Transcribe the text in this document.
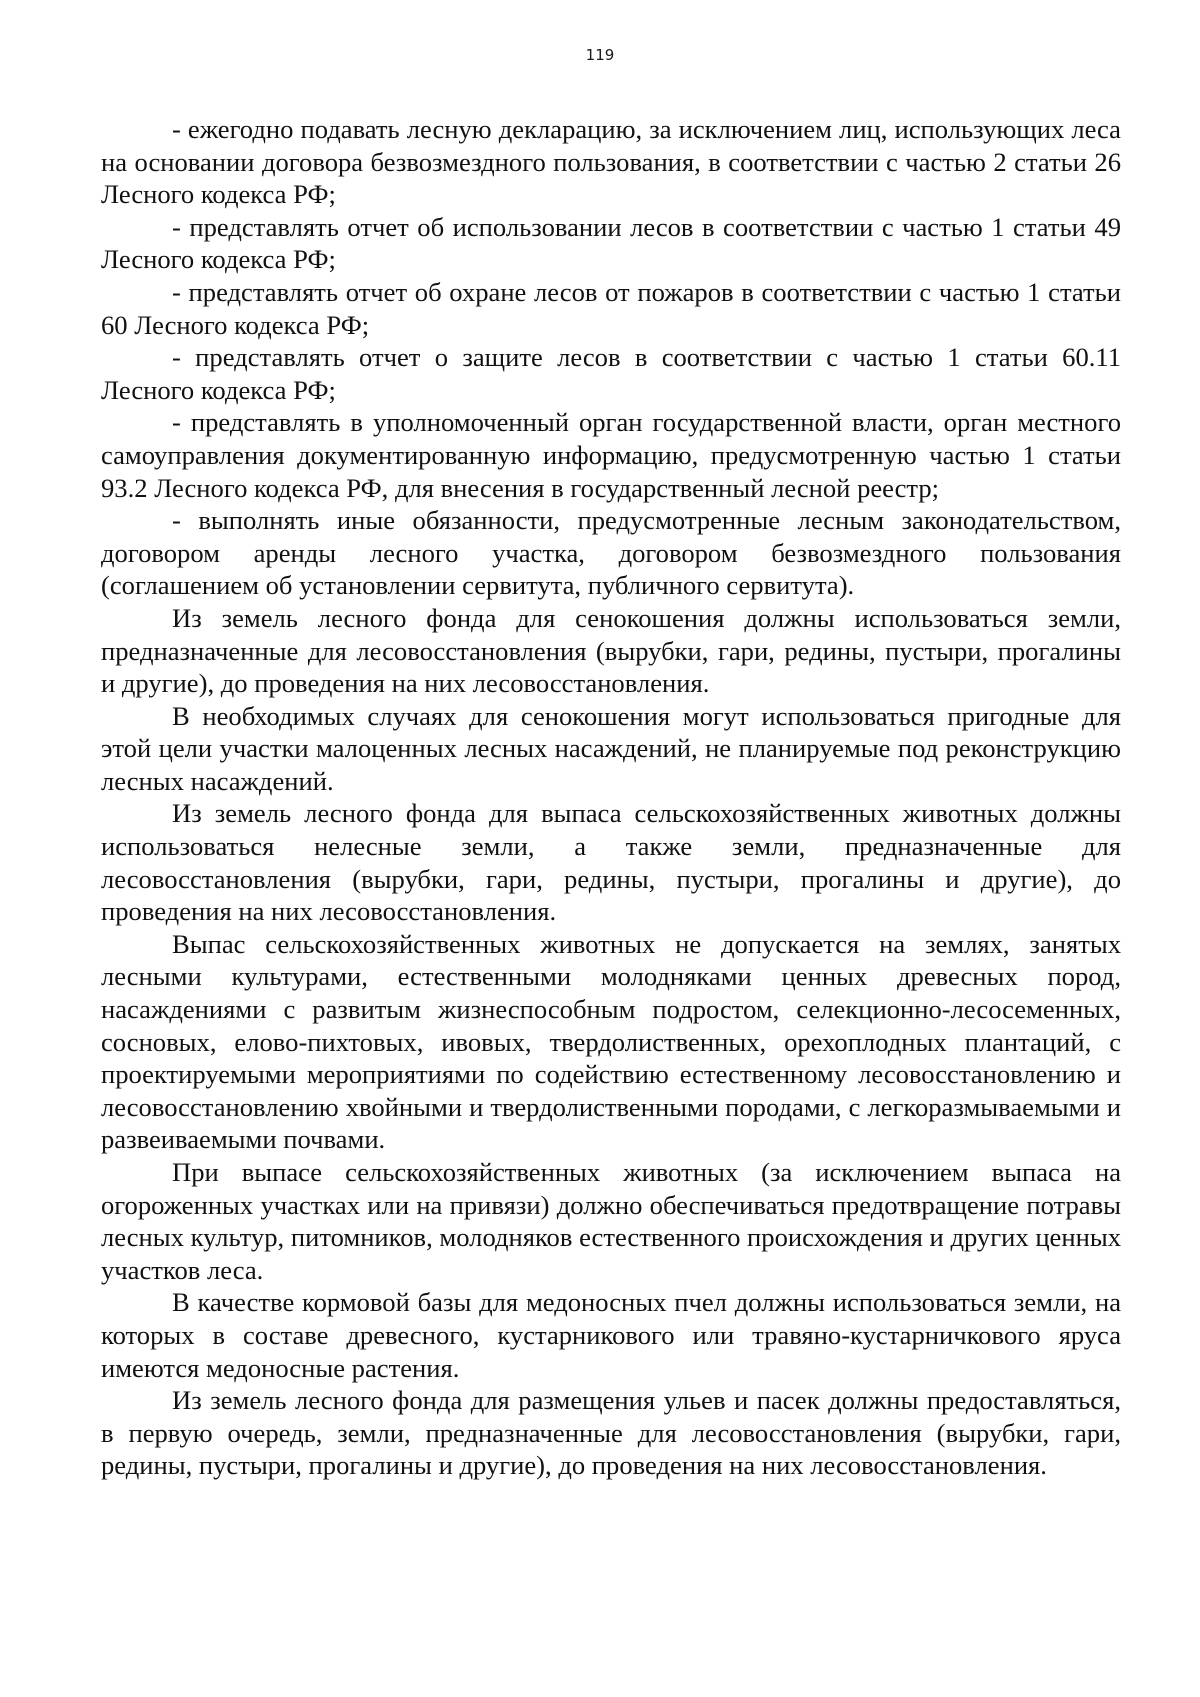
119

- ежегодно подавать лесную декларацию, за исключением лиц, использующих леса на основании договора безвозмездного пользования, в соответствии с частью 2 статьи 26 Лесного кодекса РФ;

- представлять отчет об использовании лесов в соответствии с частью 1 статьи 49 Лесного кодекса РФ;

- представлять отчет об охране лесов от пожаров в соответствии с частью 1 статьи 60 Лесного кодекса РФ;

- представлять отчет о защите лесов в соответствии с частью 1 статьи 60.11 Лесного кодекса РФ;

- представлять в уполномоченный орган государственной власти, орган местного самоуправления документированную информацию, предусмотренную частью 1 статьи 93.2 Лесного кодекса РФ, для внесения в государственный лесной реестр;

- выполнять иные обязанности, предусмотренные лесным законодательством, договором аренды лесного участка, договором безвозмездного пользования (соглашением об установлении сервитута, публичного сервитута).

Из земель лесного фонда для сенокошения должны использоваться земли, предназначенные для лесовосстановления (вырубки, гари, редины, пустыри, прогалины и другие), до проведения на них лесовосстановления.

В необходимых случаях для сенокошения могут использоваться пригодные для этой цели участки малоценных лесных насаждений, не планируемые под реконструкцию лесных насаждений.

Из земель лесного фонда для выпаса сельскохозяйственных животных должны использоваться нелесные земли, а также земли, предназначенные для лесовосстановления (вырубки, гари, редины, пустыри, прогалины и другие), до проведения на них лесовосстановления.

Выпас сельскохозяйственных животных не допускается на землях, занятых лесными культурами, естественными молодняками ценных древесных пород, насаждениями с развитым жизнеспособным подростом, селекционно-лесосеменных, сосновых, елово-пихтовых, ивовых, твердолиственных, орехоплодных плантаций, с проектируемыми мероприятиями по содействию естественному лесовосстановлению и лесовосстановлению хвойными и твердолиственными породами, с легкоразмываемыми и развеиваемыми почвами.

При выпасе сельскохозяйственных животных (за исключением выпаса на огороженных участках или на привязи) должно обеспечиваться предотвращение потравы лесных культур, питомников, молодняков естественного происхождения и других ценных участков леса.

В качестве кормовой базы для медоносных пчел должны использоваться земли, на которых в составе древесного, кустарникового или травяно-кустарничкового яруса имеются медоносные растения.

Из земель лесного фонда для размещения ульев и пасек должны предоставляться, в первую очередь, земли, предназначенные для лесовосстановления (вырубки, гари, редины, пустыри, прогалины и другие), до проведения на них лесовосстановления.
